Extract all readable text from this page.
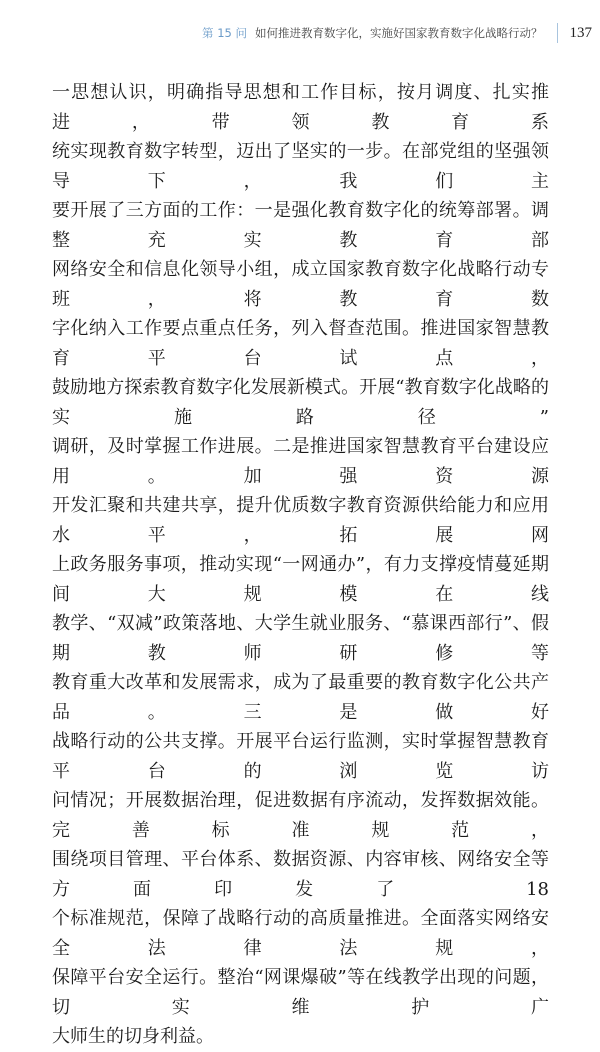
第 15 问 如何推进教育数字化，实施好国家教育数字化战略行动？ 137
一思想认识，明确指导思想和工作目标，按月调度、扎实推进，带领教育系
统实现教育数字转型，迈出了坚实的一步。在部党组的坚强领导下，我们主
要开展了三方面的工作：一是强化教育数字化的统筹部署。调整充实教育部
网络安全和信息化领导小组，成立国家教育数字化战略行动专班，将教育数
字化纳入工作要点重点任务，列入督查范围。推进国家智慧教育平台试点，
鼓励地方探索教育数字化发展新模式。开展“教育数字化战略的实施路径”
调研，及时掌握工作进展。二是推进国家智慧教育平台建设应用。加强资源
开发汇聚和共建共享，提升优质数字教育资源供给能力和应用水平，拓展网
上政务服务事项，推动实现“一网通办”，有力支撑疫情蔓延期间大规模在线
教学、“双减”政策落地、大学生就业服务、“慕课西部行”、假期教师研修等
教育重大改革和发展需求，成为了最重要的教育数字化公共产品。三是做好
战略行动的公共支撑。开展平台运行监测，实时掌握智慧教育平台的浏览访
问情况；开展数据治理，促进数据有序流动，发挥数据效能。完善标准规范，
围绕项目管理、平台体系、数据资源、内容审核、网络安全等方面印发了 18
个标准规范，保障了战略行动的高质量推进。全面落实网络安全法律法规，
保障平台安全运行。整治“网课爆破”等在线教学出现的问题，切实维护广
大师生的切身利益。
